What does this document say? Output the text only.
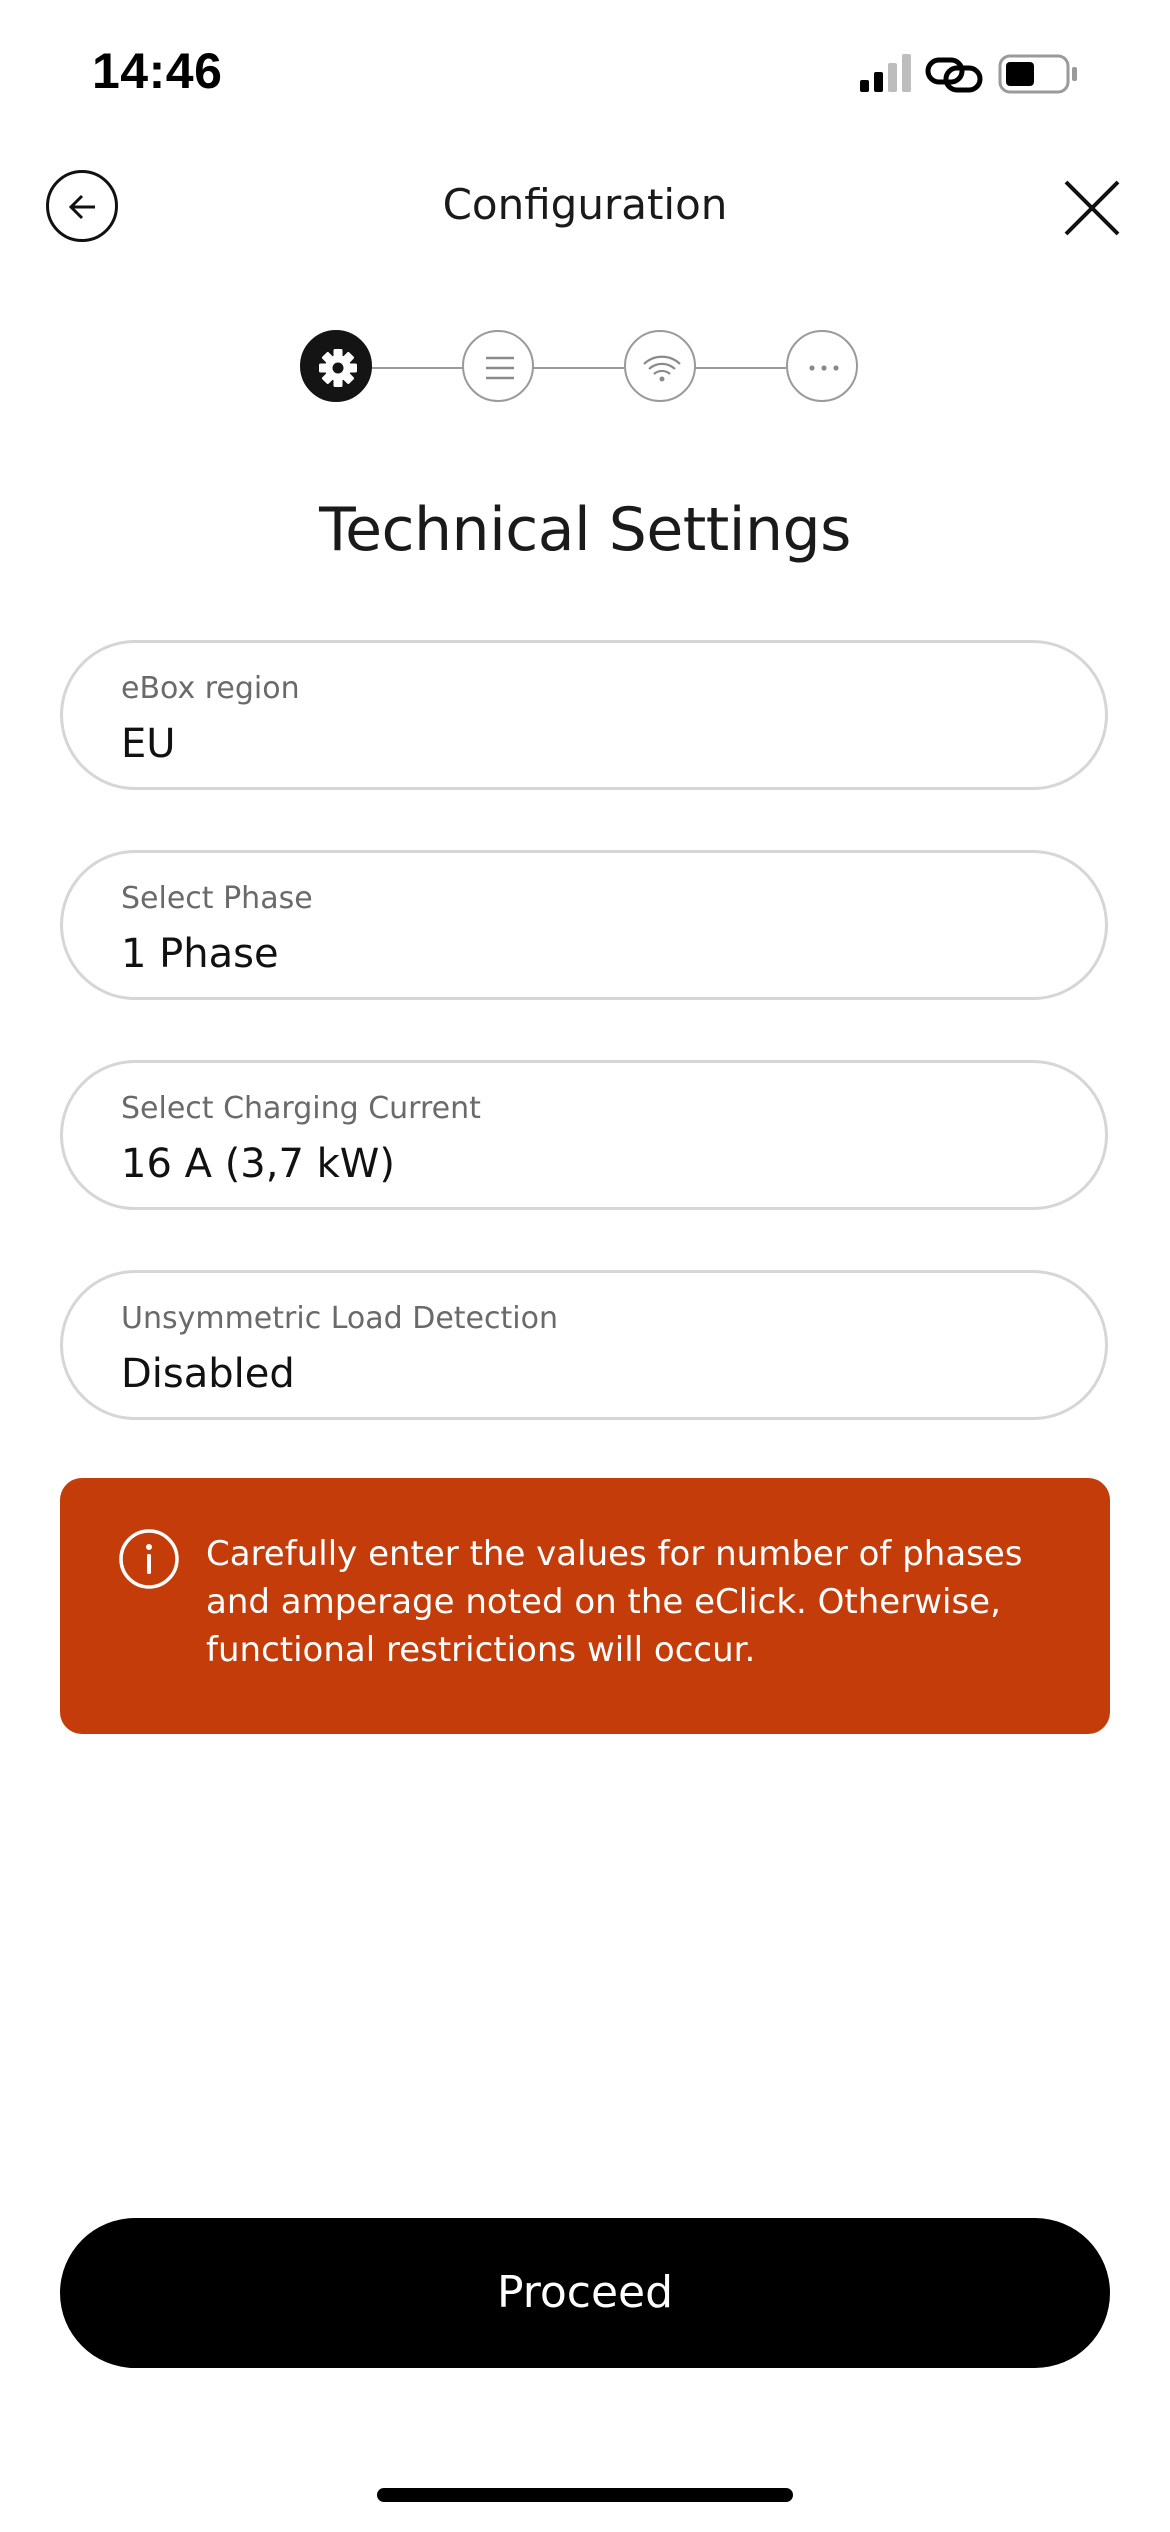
14:46
Configuration
Technical Settings
eBox region
EU
Select Phase
1 Phase
Select Charging Current
16 A (3,7 kW)
Unsymmetric Load Detection
Disabled
Carefully enter the values for number of phases and amperage noted on the eClick. Otherwise, functional restrictions will occur.
Proceed
